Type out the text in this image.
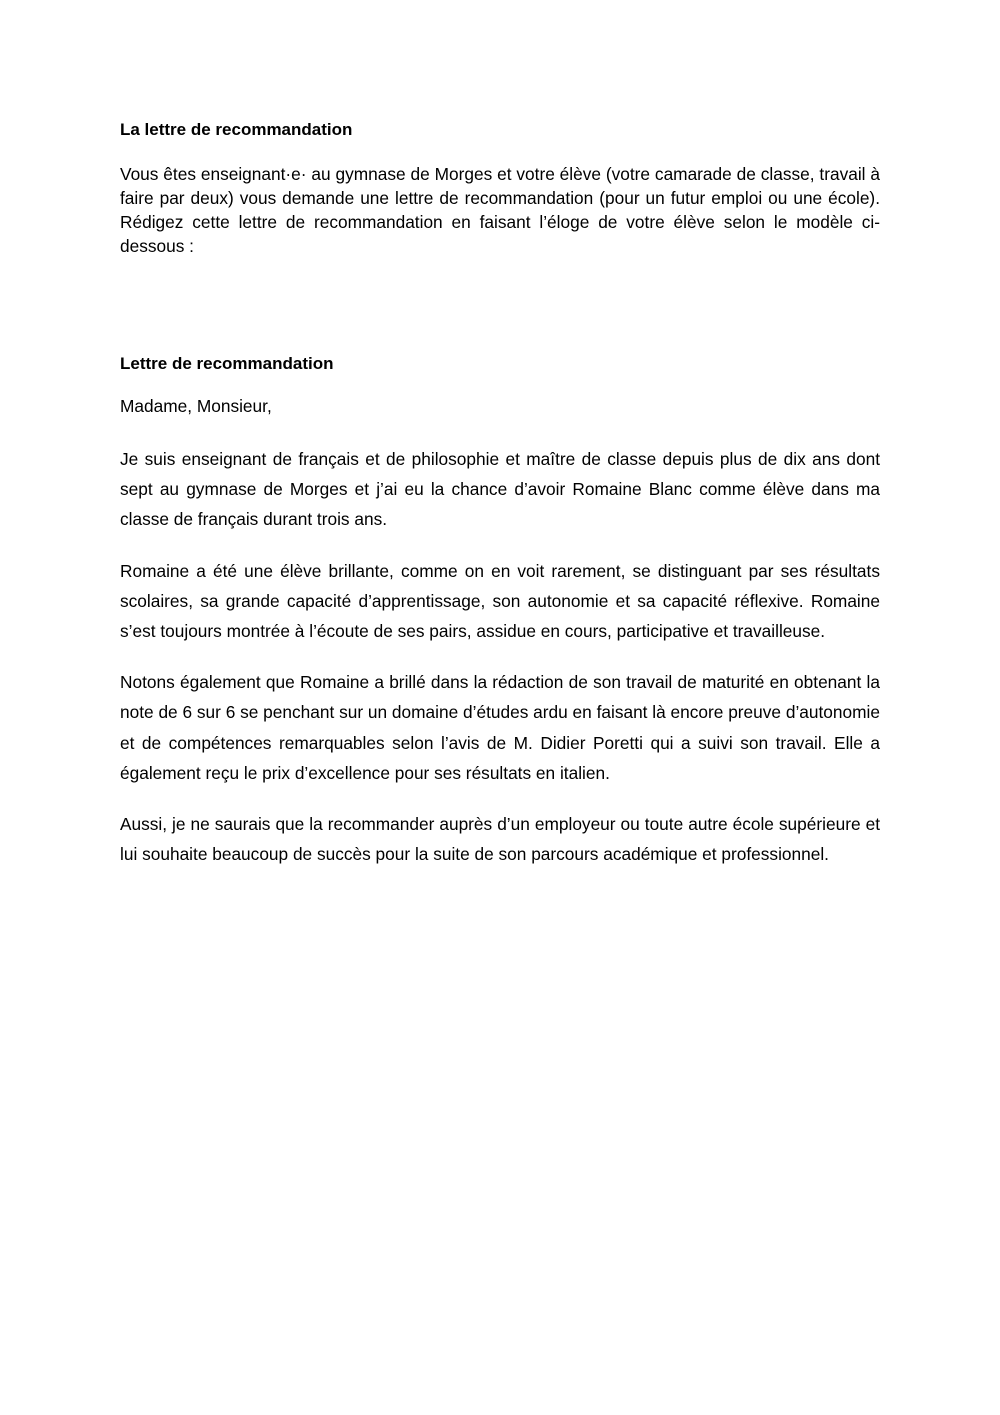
La lettre de recommandation

Vous êtes enseignant·e· au gymnase de Morges et votre élève (votre camarade de classe, travail à faire par deux) vous demande une lettre de recommandation (pour un futur emploi ou une école). Rédigez cette lettre de recommandation en faisant l’éloge de votre élève selon le modèle ci-dessous :

Lettre de recommandation
Madame, Monsieur,

Je suis enseignant de français et de philosophie et maître de classe depuis plus de dix ans dont sept au gymnase de Morges et j’ai eu la chance d’avoir Romaine Blanc comme élève dans ma classe de français durant trois ans.

Romaine a été une élève brillante, comme on en voit rarement, se distinguant par ses résultats scolaires, sa grande capacité d’apprentissage, son autonomie et sa capacité réflexive. Romaine s’est toujours montrée à l’écoute de ses pairs, assidue en cours, participative et travailleuse.

Notons également que Romaine a brillé dans la rédaction de son travail de maturité en obtenant la note de 6 sur 6 se penchant sur un domaine d’études ardu en faisant là encore preuve d’autonomie et de compétences remarquables selon l’avis de M. Didier Poretti qui a suivi son travail. Elle a également reçu le prix d’excellence pour ses résultats en italien.

Aussi, je ne saurais que la recommander auprès d’un employeur ou toute autre école supérieure et lui souhaite beaucoup de succès pour la suite de son parcours académique et professionnel.
